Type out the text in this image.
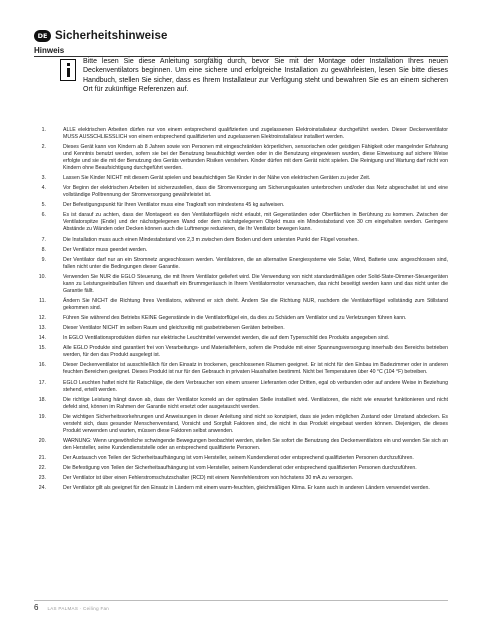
DE Sicherheitshinweise
Hinweis
Bitte lesen Sie diese Anleitung sorgfältig durch, bevor Sie mit der Montage oder Installation Ihres neuen Deckenventilators beginnen. Um eine sichere und erfolgreiche Installation zu gewährleisten, lesen Sie bitte dieses Handbuch, stellen Sie sicher, dass es Ihrem Installateur zur Verfügung steht und bewahren Sie es an einem sicheren Ort für zukünftige Referenzen auf.
1.	ALLE elektrischen Arbeiten dürfen nur von einem entsprechend qualifizierten und zugelassenen Elektroinstallateur durchgeführt werden. Dieser Deckenventilator MUSS AUSSCHLIESSLICH von einem entsprechend qualifizierten und zugelassenen Elektroinstallateur installiert werden.
2.	Dieses Gerät kann von Kindern ab 8 Jahren sowie von Personen mit eingeschränkten körperlichen, sensorischen oder geistigen Fähigkeit oder mangelnder Erfahrung und Kenntnis benutzt werden, sofern sie bei der Benutzung beaufsichtigt werden oder in die Benutzung eingewiesen wurden, diese Einweisung auf sichere Weise erfolgte und sie die mit der Benutzung des Geräts verbunden Risiken verstehen. Kinder dürfen mit dem Gerät nicht spielen. Die Reinigung und Wartung darf nicht von Kindern ohne Beaufsichtigung durchgeführt werden.
3.	Lassen Sie Kinder NICHT mit diesem Gerät spielen und beaufsichtigen Sie Kinder in der Nähe von elektrischen Geräten zu jeder Zeit.
4.	Vor Beginn der elektrischen Arbeiten ist sicherzustellen, dass die Stromversorgung am Sicherungskasten unterbrochen und/oder das Netz abgeschaltet ist und eine vollständige Polltrennung der Stromversorgung gewährleistet ist.
5.	Der Befestigungspunkt für Ihren Ventilator muss eine Tragkraft von mindestens 45 kg aufweisen.
6.	Es ist darauf zu achten, dass der Montageort es den Ventilatorflügeln nicht erlaubt, mit Gegenständen oder Oberflächen in Berührung zu kommen. Zwischen der Ventilatorspitze (Ende) und der nächstgelegenen Wand oder dem nächstgelegenen Objekt muss ein Mindestabstand von 30 cm eingehalten werden. Geringere Abstände zu Wänden oder Decken können auch die Luftmenge reduzieren, die Ihr Ventilator bewegen kann.
7.	Die Installation muss auch einen Mindestabstand von 2,3 m zwischen dem Boden und dem untersten Punkt der Flügel vorsehen.
8.	Der Ventilator muss geerdet werden.
9.	Der Ventilator darf nur an ein Stromnetz angeschlossen werden. Ventilatoren, die an alternative Energiesysteme wie Solar, Wind, Batterie usw. angeschlossen sind, fallen nicht unter die Bedingungen dieser Garantie.
10.	Verwenden Sie NUR die EGLO Steuerung, die mit Ihrem Ventilator geliefert wird. Die Verwendung von nicht standardmäßigen oder Solid-State-Dimmer-Steuergeräten kann zu Leistungseinbußen führen und dauerhaft ein Brummgeräusch in Ihrem Ventilatormotor verursachen, das nicht beseitigt werden kann und das nicht unter die Garantie fällt.
11.	Ändern Sie NICHT die Richtung Ihres Ventilators, während er sich dreht. Ändern Sie die Richtung NUR, nachdem die Ventilatorflügel vollständig zum Stillstand gekommen sind.
12.	Führen Sie während des Betriebs KEINE Gegenstände in die Ventilatorflügel ein, da dies zu Schäden am Ventilator und zu Verletzungen führen kann.
13.	Dieser Ventilator NICHT im selben Raum und gleichzeitig mit gasbetriebenen Geräten betreiben.
14.	In EGLO Ventilationsprodukten dürfen nur elektrische Leuchtmittel verwendet werden, die auf dem Typenschild des Produkts angegeben sind.
15.	Alle EGLO Produkte sind garantiert frei von Verarbeitungs- und Materialfehlern, sofern die Produkte mit einer Spannungsversorgung innerhalb des Bereichs betrieben werden, für den das Produkt ausgelegt ist.
16.	Dieser Deckenventilator ist ausschließlich für den Einsatz in trockenen, geschlossenen Räumen geeignet. Er ist nicht für den Einbau im Badezimmer oder in anderen feuchten Bereichen geeignet. Dieses Produkt ist nur für den Gebrauch in privaten Haushalten bestimmt. Nicht bei Temperaturen über 40 °C (104 °F) betreiben.
17.	EGLO Leuchten haftet nicht für Ratschläge, die dem Verbraucher von einem unserer Lieferanten oder Dritten, egal ob verbunden oder auf andere Weise in Beziehung stehend, erteilt werden.
18.	Die richtige Leistung hängt davon ab, dass der Ventilator korrekt an der optimalen Stelle installiert wird. Ventilatoren, die nicht wie erwartet funktionieren und nicht defekt sind, können im Rahmen der Garantie nicht ersetzt oder ausgetauscht werden.
19.	Die wichtigen Sicherheitsvorkehrungen und Anweisungen in dieser Anleitung sind nicht so konzipiert, dass sie jeden möglichen Zustand oder Umstand abdecken. Es versteht sich, dass gesunder Menschenverstand, Vorsicht und Sorgfalt Faktoren sind, die nicht in das Produkt eingebaut werden können. Diejenigen, die dieses Produkt verwenden und warten, müssen diese Faktoren selbst anwenden.
20.	WARNUNG: Wenn ungewöhnliche schwingende Bewegungen beobachtet werden, stellen Sie sofort die Benutzung des Deckenventilators ein und wenden Sie sich an den Hersteller, seine Kundendienststelle oder an entsprechend qualifizierte Personen.
21.	Der Austausch von Teilen der Sicherheitsaufhängung ist vom Hersteller, seinem Kundendienst oder entsprechend qualifizierten Personen durchzuführen.
22.	Die Befestigung von Teilen der Sicherheitsaufhängung ist vom Hersteller, seinem Kundendienst oder entsprechend qualifizierten Personen durchzuführen.
23.	Der Ventilator ist über einen Fehlerstromschutzschalter (RCD) mit einem Nennfehlerstrom von höchstens 30 mA zu versorgen.
24.	Der Ventilator gilt als geeignet für den Einsatz in Ländern mit einem warm-feuchten, gleichmäßigen Klima. Er kann auch in anderen Ländern verwendet werden.
6 LAS PALMAS · Ceiling Fan
